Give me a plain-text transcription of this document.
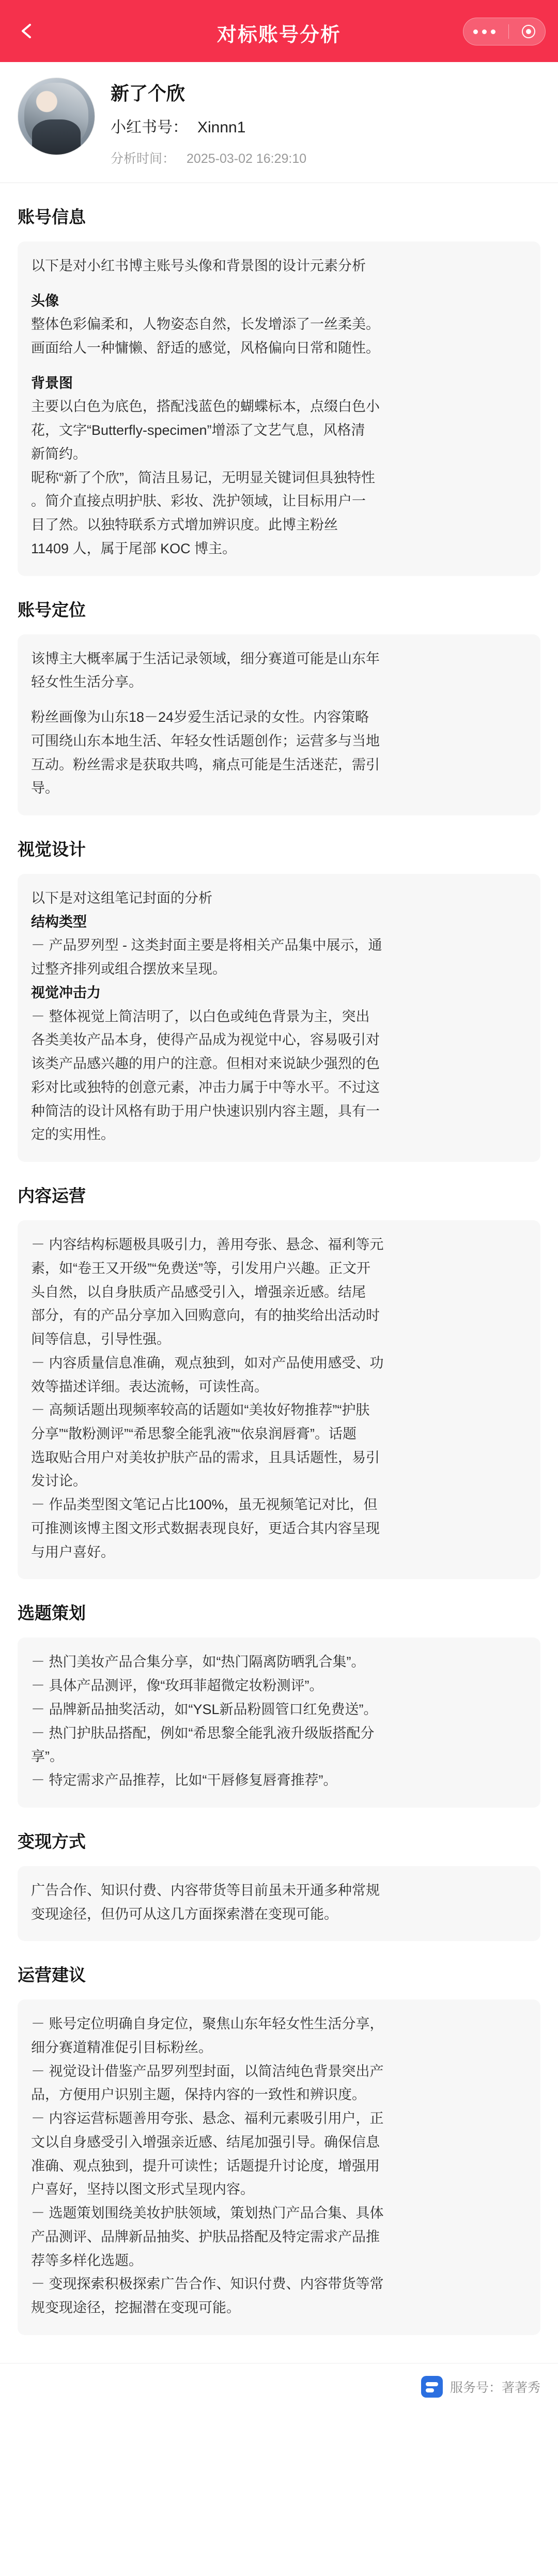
对标账号分析
新了个欣
小红书号： Xinnn1
分析时间： 2025-03-02 16:29:10
账号信息

以下是对小红书博主账号头像和背景图的设计元素分析

头像

整体色彩偏柔和，人物姿态自然，长发增添了一丝柔美。

画面给人一种慵懒、舒适的感觉，风格偏向日常和随性。

背景图

主要以白色为底色，搭配浅蓝色的蝴蝶标本，点缀白色小

花，文字“Butterfly-specimen”增添了文艺气息，风格清

新简约。

昵称“新了个欣”，简洁且易记，无明显关键词但具独特性

。简介直接点明护肤、彩妆、洗护领域，让目标用户一

目了然。以独特联系方式增加辨识度。此博主粉丝

11409 人，属于尾部 KOC 博主。

账号定位

该博主大概率属于生活记录领域，细分赛道可能是山东年

轻女性生活分享。

粉丝画像为山东18－24岁爱生活记录的女性。内容策略

可围绕山东本地生活、年轻女性话题创作；运营多与当地

互动。粉丝需求是获取共鸣，痛点可能是生活迷茫，需引

导。

视觉设计

以下是对这组笔记封面的分析

结构类型

－ 产品罗列型 - 这类封面主要是将相关产品集中展示，通

过整齐排列或组合摆放来呈现。

视觉冲击力

－ 整体视觉上简洁明了，以白色或纯色背景为主，突出

各类美妆产品本身，使得产品成为视觉中心，容易吸引对

该类产品感兴趣的用户的注意。但相对来说缺少强烈的色

彩对比或独特的创意元素，冲击力属于中等水平。不过这

种简洁的设计风格有助于用户快速识别内容主题，具有一

定的实用性。

内容运营

－ 内容结构标题极具吸引力，善用夸张、悬念、福利等元

素，如“卷王又开级”“免费送”等，引发用户兴趣。正文开

头自然，以自身肤质产品感受引入，增强亲近感。结尾

部分，有的产品分享加入回购意向，有的抽奖给出活动时

间等信息，引导性强。

－ 内容质量信息准确，观点独到，如对产品使用感受、功

效等描述详细。表达流畅，可读性高。

－ 高频话题出现频率较高的话题如“美妆好物推荐”“护肤

分享”“散粉测评”“希思黎全能乳液”“依泉润唇膏”。话题

选取贴合用户对美妆护肤产品的需求，且具话题性，易引

发讨论。

－ 作品类型图文笔记占比100%，虽无视频笔记对比，但

可推测该博主图文形式数据表现良好，更适合其内容呈现

与用户喜好。

选题策划

－ 热门美妆产品合集分享，如“热门隔离防晒乳合集”。

－ 具体产品测评，像“玫珥菲超微定妆粉测评”。

－ 品牌新品抽奖活动，如“YSL新品粉圆管口红免费送”。

－ 热门护肤品搭配，例如“希思黎全能乳液升级版搭配分

享”。

－ 特定需求产品推荐，比如“干唇修复唇膏推荐”。

变现方式

广告合作、知识付费、内容带货等目前虽未开通多种常规

变现途径，但仍可从这几方面探索潜在变现可能。

运营建议

－ 账号定位明确自身定位，聚焦山东年轻女性生活分享，

细分赛道精准促引目标粉丝。

－ 视觉设计借鉴产品罗列型封面，以简洁纯色背景突出产

品，方便用户识别主题，保持内容的一致性和辨识度。

－ 内容运营标题善用夸张、悬念、福利元素吸引用户，正

文以自身感受引入增强亲近感、结尾加强引导。确保信息

准确、观点独到，提升可读性；话题提升讨论度，增强用

户喜好，坚持以图文形式呈现内容。

－ 选题策划围绕美妆护肤领域，策划热门产品合集、具体

产品测评、品牌新品抽奖、护肤品搭配及特定需求产品推

荐等多样化选题。

－ 变现探索积极探索广告合作、知识付费、内容带货等常

规变现途径，挖掘潜在变现可能。

服务号：著著秀
